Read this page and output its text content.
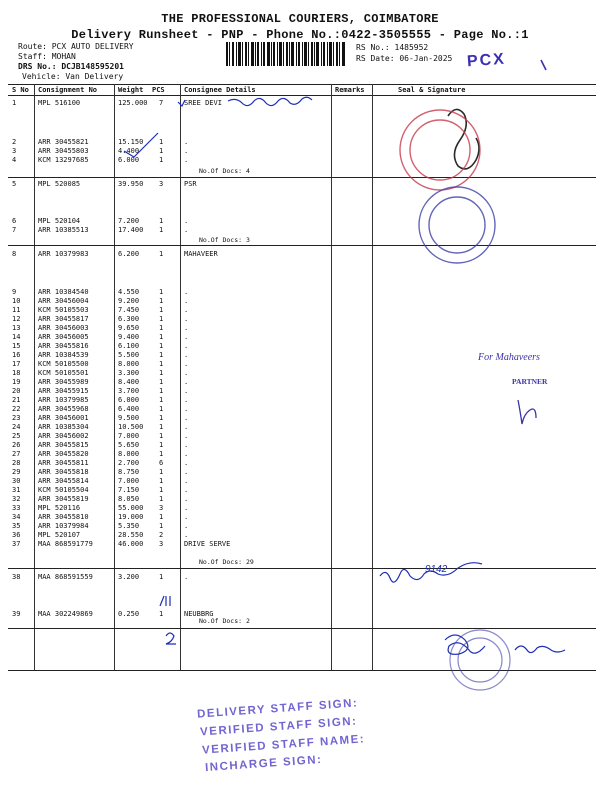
THE PROFESSIONAL COURIERS, COIMBATORE
Delivery Runsheet - PNP - Phone No.:0422-3505555 - Page No.:1
Route: PCX AUTO DELIVERY
Staff: MOHAN
DRS No.: DCJB148595201
Vehicle: Van Delivery
RS No.: 1485952
RS Date: 06-Jan-2025 PCX
S No Consignment No	Weight PCS	Consignee Details	Remarks	Seal & Signature
1	MPL 516100	125.000 7	SREE DEVI
2	ARR 30455821	15.150 1	.
3	ARR 30455803	4.400	1	.
4	KCM 13297685	6.000	1	.
No.Of Docs: 4
5	MPL 520085	39.950 3	PSR
6	MPL 520104	7.200	1	.
7	ARR 10385513	17.400 1	.
No.Of Docs: 3
8	ARR 10379983	6.200	1	MAHAVEER
9	ARR 10384540	4.550	1	.
10	ARR 30456004	9.200	1	.
11	KCM 50105503	7.450	1	.
12	ARR 30455817	6.300	1	.
13	ARR 30456003	9.650	1	.
14	ARR 30456005	9.400	1	.
15	ARR 30455816	6.100	1	.
16	ARR 10384539	5.500	1	.
17	KCM 50105500	8.000	1	.
18	KCM 50105501	3.300	1	.
19	ARR 30455989	8.400	1	.
20	ARR 30455915	3.700	1	.
21	ARR 10379985	6.000	1	.
22	ARR 30455968	6.400	1	.
23	ARR 30456001	9.500	1	.
24	ARR 10385304	10.500 1	.
25	ARR 30456002	7.000	1	.
26	ARR 30455815	5.650	1	.
27	ARR 30455820	8.000	1	.
28	ARR 30455811	2.700	6	.
29	ARR 30455818	8.750	1	.
30	ARR 30455814	7.000	1	.
31	KCM 50105504	7.150	1	.
32	ARR 30455819	8.050	1	.
33	MPL 520116	55.000 3	.
34	ARR 30455810	19.000 1	.
35	ARR 10379984	5.350	1	.
36	MPL 520107	28.550 2	.
37	MAA 868591779	46.000 3	DRIVE SERVE
No.Of Docs: 29
38	MAA 868591559	3.200	1	.
39	MAA 302249869	0.250	1	NEUBBRG
No.Of Docs: 2
9142
For Mahaveers
PARTNER
DELIVERY STAFF SIGN:
VERIFIED STAFF SIGN:
VERIFIED STAFF NAME:
INCHARGE SIGN:
